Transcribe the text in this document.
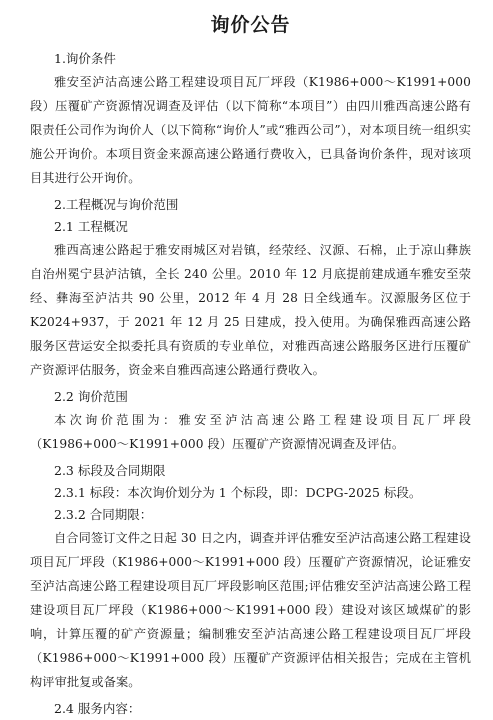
询价公告
1.询价条件

雅安至泸沽高速公路工程建设项目瓦厂坪段（K1986+000～K1991+000 段）压覆矿产资源情况调查及评估（以下简称“本项目”）由四川雅西高速公路有限责任公司作为询价人（以下简称“询价人”或“雅西公司”），对本项目统一组织实施公开询价。本项目资金来源高速公路通行费收入，已具备询价条件，现对该项目其进行公开询价。

2.工程概况与询价范围
2.1 工程概况

雅西高速公路起于雅安雨城区对岩镇，经荥经、汉源、石棉，止于凉山彝族自治州冕宁县泸沽镇，全长 240 公里。2010 年 12 月底提前建成通车雅安至荥经、彝海至泸沽共 90 公里，2012 年 4 月 28 日全线通车。汉源服务区位于 K2024+937，于 2021 年 12 月 25 日建成，投入使用。为确保雅西高速公路服务区营运安全拟委托具有资质的专业单位，对雅西高速公路服务区进行压覆矿产资源评估服务，资金来自雅西高速公路通行费收入。

2.2 询价范围

本次询价范围为：雅安至泸沽高速公路工程建设项目瓦厂坪段（K1986+000～K1991+000 段）压覆矿产资源情况调查及评估。

2.3 标段及合同期限
2.3.1 标段：本次询价划分为 1 个标段，即：DCPG-2025 标段。
2.3.2 合同期限：

自合同签订文件之日起 30 日之内，调查并评估雅安至泸沽高速公路工程建设项目瓦厂坪段（K1986+000～K1991+000 段）压覆矿产资源情况，论证雅安至泸沽高速公路工程建设项目瓦厂坪段影响区范围;评估雅安至泸沽高速公路工程建设项目瓦厂坪段（K1986+000～K1991+000 段）建设对该区域煤矿的影响，计算压覆的矿产资源量；编制雅安至泸沽高速公路工程建设项目瓦厂坪段（K1986+000～K1991+000 段）压覆矿产资源评估相关报告；完成在主管机构评审批复或备案。

2.4 服务内容：
